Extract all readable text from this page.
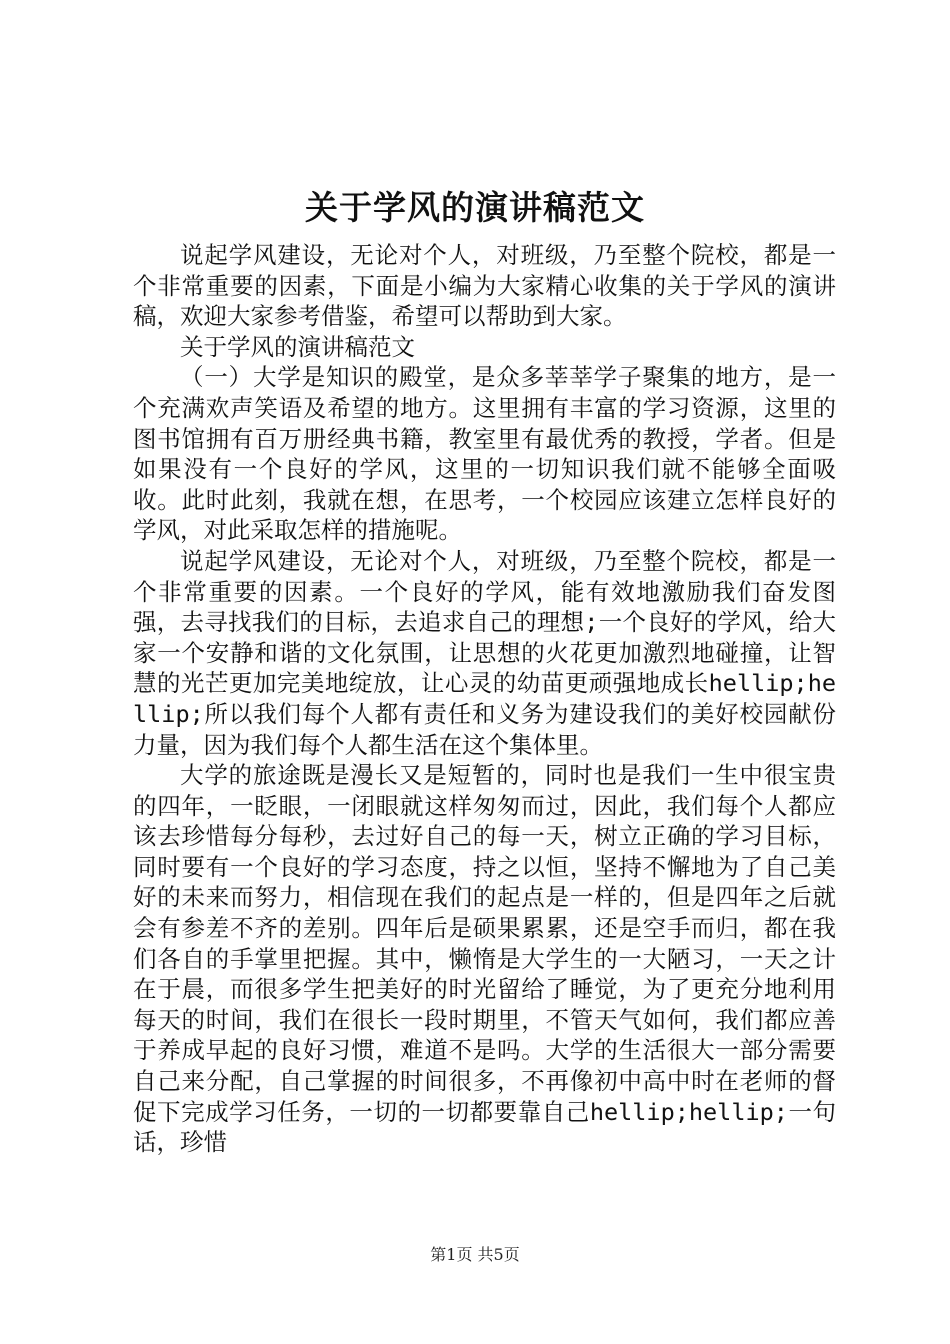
关于学风的演讲稿范文

说起学风建设，无论对个人，对班级，乃至整个院校，都是一个非常重要的因素，下面是小编为大家精心收集的关于学风的演讲稿，欢迎大家参考借鉴，希望可以帮助到大家。

关于学风的演讲稿范文

（一）大学是知识的殿堂，是众多莘莘学子聚集的地方，是一个充满欢声笑语及希望的地方。这里拥有丰富的学习资源，这里的图书馆拥有百万册经典书籍，教室里有最优秀的教授，学者。但是如果没有一个良好的学风，这里的一切知识我们就不能够全面吸收。此时此刻，我就在想，在思考，一个校园应该建立怎样良好的学风，对此采取怎样的措施呢。

说起学风建设，无论对个人，对班级，乃至整个院校，都是一个非常重要的因素。一个良好的学风，能有效地激励我们奋发图强，去寻找我们的目标，去追求自己的理想;一个良好的学风，给大家一个安静和谐的文化氛围，让思想的火花更加激烈地碰撞，让智慧的光芒更加完美地绽放，让心灵的幼苗更顽强地成长hellip;hellip;所以我们每个人都有责任和义务为建设我们的美好校园献份力量，因为我们每个人都生活在这个集体里。

大学的旅途既是漫长又是短暂的，同时也是我们一生中很宝贵的四年，一眨眼，一闭眼就这样匆匆而过，因此，我们每个人都应该去珍惜每分每秒，去过好自己的每一天，树立正确的学习目标，同时要有一个良好的学习态度，持之以恒，坚持不懈地为了自己美好的未来而努力，相信现在我们的起点是一样的，但是四年之后就会有参差不齐的差别。四年后是硕果累累，还是空手而归，都在我们各自的手掌里把握。其中，懒惰是大学生的一大陋习，一天之计在于晨，而很多学生把美好的时光留给了睡觉，为了更充分地利用每天的时间，我们在很长一段时期里，不管天气如何，我们都应善于养成早起的良好习惯，难道不是吗。大学的生活很大一部分需要自己来分配，自己掌握的时间很多，不再像初中高中时在老师的督促下完成学习任务，一切的一切都要靠自己hellip;hellip;一句话，珍惜

第1页 共5页
